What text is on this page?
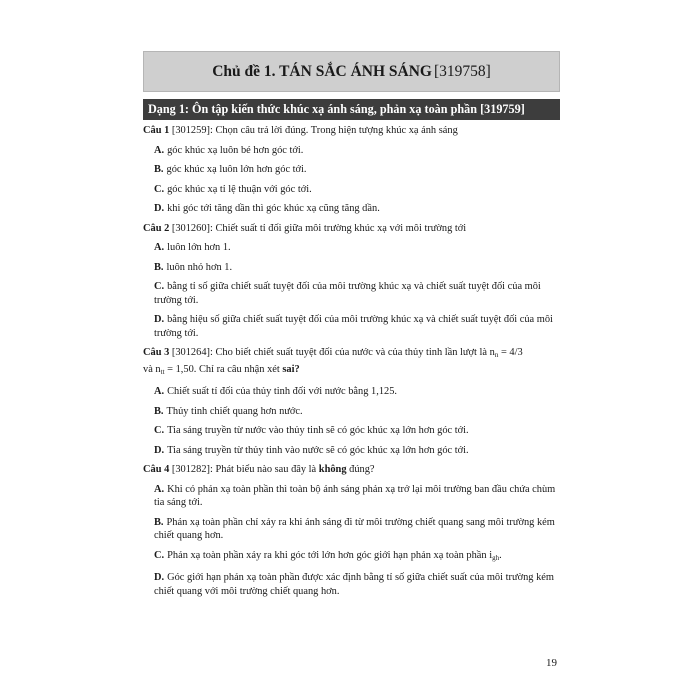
Chủ đề 1. TÁN SẮC ÁNH SÁNG [319758]
Dạng 1: Ôn tập kiến thức khúc xạ ánh sáng, phản xạ toàn phần [319759]
Câu 1 [301259]: Chọn câu trả lời đúng. Trong hiện tượng khúc xạ ánh sáng
A. góc khúc xạ luôn bé hơn góc tới.
B. góc khúc xạ luôn lớn hơn góc tới.
C. góc khúc xạ tỉ lệ thuận với góc tới.
D. khi góc tới tăng dần thì góc khúc xạ cũng tăng dần.
Câu 2 [301260]: Chiết suất tỉ đối giữa môi trường khúc xạ với môi trường tới
A. luôn lớn hơn 1.
B. luôn nhỏ hơn 1.
C. bằng tỉ số giữa chiết suất tuyệt đối của môi trường khúc xạ và chiết suất tuyệt đối của môi trường tới.
D. bằng hiệu số giữa chiết suất tuyệt đối của môi trường khúc xạ và chiết suất tuyệt đối của môi trường tới.
Câu 3 [301264]: Cho biết chiết suất tuyệt đối của nước và của thủy tinh lần lượt là $n_n = 4/3$
và $n_{tt} = 1,50$. Chỉ ra câu nhận xét sai?
A. Chiết suất tỉ đối của thủy tinh đối với nước bằng 1,125.
B. Thủy tinh chiết quang hơn nước.
C. Tia sáng truyền từ nước vào thủy tinh sẽ có góc khúc xạ lớn hơn góc tới.
D. Tia sáng truyền từ thủy tinh vào nước sẽ có góc khúc xạ lớn hơn góc tới.
Câu 4 [301282]: Phát biểu nào sau đây là không đúng?
A. Khi có phản xạ toàn phần thì toàn bộ ánh sáng phản xạ trở lại môi trường ban đầu chứa chùm tia sáng tới.
B. Phản xạ toàn phần chỉ xảy ra khi ánh sáng đi từ môi trường chiết quang sang môi trường kém chiết quang hơn.
C. Phản xạ toàn phần xảy ra khi góc tới lớn hơn góc giới hạn phản xạ toàn phần $i_{gh}$.
D. Góc giới hạn phản xạ toàn phần được xác định bằng tỉ số giữa chiết suất của môi trường kém chiết quang với môi trường chiết quang hơn.
19
